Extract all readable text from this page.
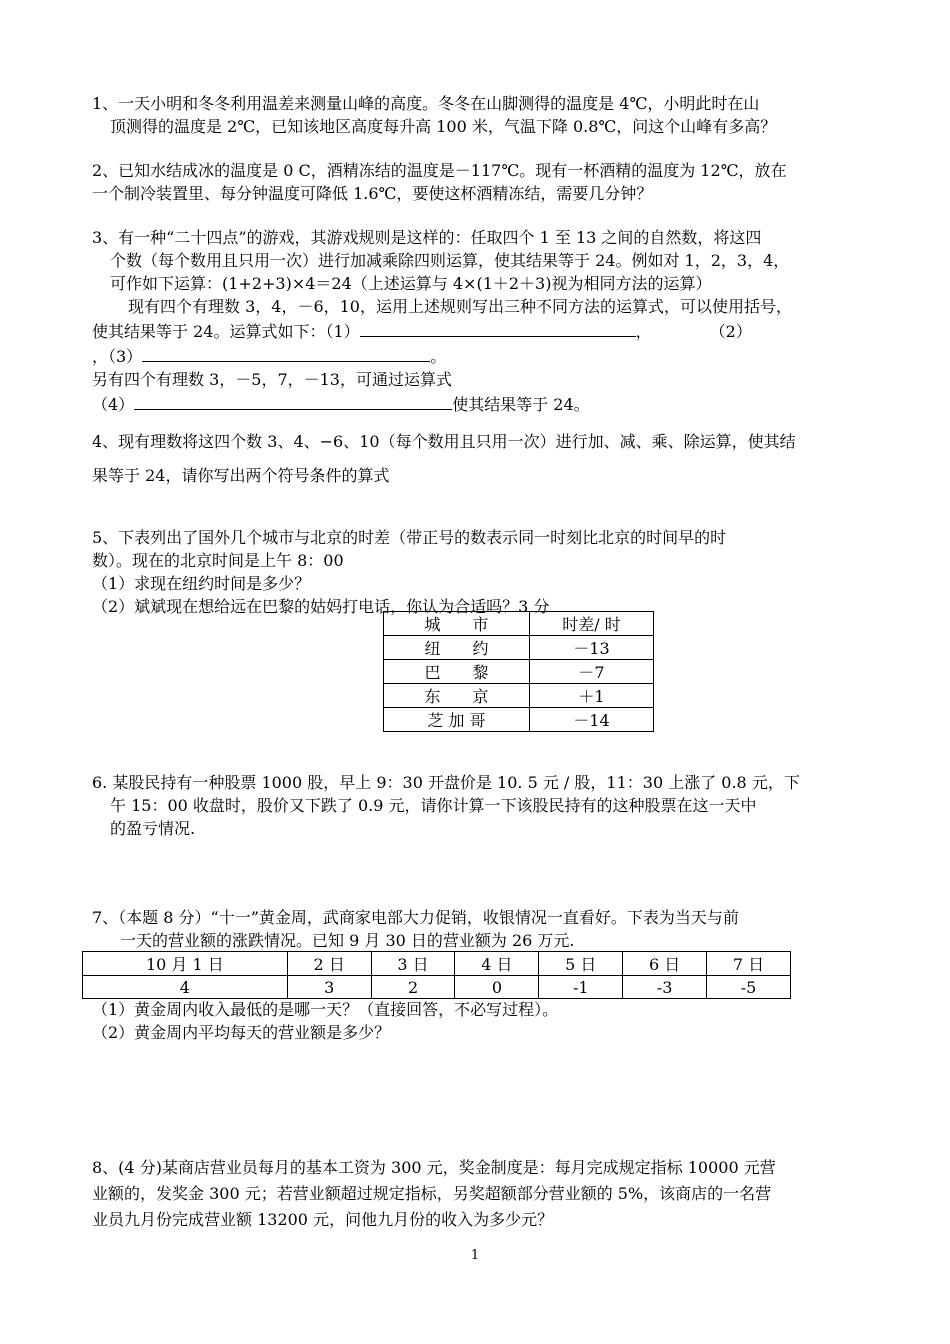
1、一天小明和冬冬利用温差来测量山峰的高度。冬冬在山脚测得的温度是 4℃，小明此时在山

顶测得的温度是 2℃，已知该地区高度每升高 100 米，气温下降 0.8℃，问这个山峰有多高？

2、已知水结成冰的温度是 0 C，酒精冻结的温度是－117℃。现有一杯酒精的温度为 12℃，放在

一个制冷装置里、每分钟温度可降低 1.6℃，要使这杯酒精冻结，需要几分钟？

3、有一种“二十四点”的游戏，其游戏规则是这样的：任取四个 1 至 13 之间的自然数，将这四

个数（每个数用且只用一次）进行加减乘除四则运算，使其结果等于 24。例如对 1，2，3，4，

可作如下运算：(1+2+3)×4＝24（上述运算与 4×(1＋2＋3)视为相同方法的运算）

现有四个有理数 3，4，－6，10，运用上述规则写出三种不同方法的运算式，可以使用括号，

使其结果等于 24。运算式如下：（1）	，	（2）

，（3）	。

另有四个有理数 3，－5，7，－13，可通过运算式

（4）	使其结果等于 24。

4、现有理数将这四个数 3、4、−6、10（每个数用且只用一次）进行加、减、乘、除运算，使其结

果等于 24，请你写出两个符号条件的算式

5、下表列出了国外几个城市与北京的时差（带正号的数表示同一时刻比北京的时间早的时

数）。现在的北京时间是上午 8：00

（1）求现在纽约时间是多少？

（2）斌斌现在想给远在巴黎的姑妈打电话，你认为合适吗？3 分

城　　市	时差/ 时
纽　　约	－13
巴　　黎	－7
东　　京	＋1
芝 加 哥	－14

6. 某股民持有一种股票 1000 股，早上 9：30 开盘价是 10. 5 元 / 股，11：30 上涨了 0.8 元，下

午 15：00 收盘时，股价又下跌了 0.9 元，请你计算一下该股民持有的这种股票在这一天中

的盈亏情况.

7、（本题 8 分）“十一”黄金周，武商家电部大力促销，收银情况一直看好。下表为当天与前

一天的营业额的涨跌情况。已知 9 月 30 日的营业额为 26 万元.

10 月 1 日	2 日	3 日	4 日	5 日	6 日	7 日
4	3	2	0	-1	-3	-5

（1）黄金周内收入最低的是哪一天？（直接回答，不必写过程）。

（2）黄金周内平均每天的营业额是多少？

8、(4 分)某商店营业员每月的基本工资为 300 元，奖金制度是：每月完成规定指标 10000 元营

业额的，发奖金 300 元；若营业额超过规定指标，另奖超额部分营业额的 5%，该商店的一名营

业员九月份完成营业额 13200 元，问他九月份的收入为多少元？

1
